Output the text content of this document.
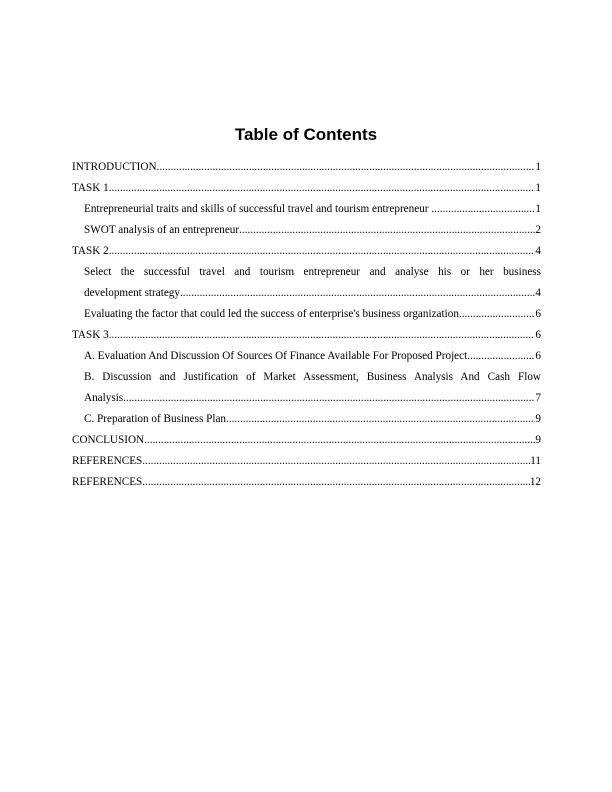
Table of Contents
INTRODUCTION .....	1
TASK 1 .....	1
Entrepreneurial traits and skills of successful travel and tourism entrepreneur .....	1
SWOT analysis of an entrepreneur .....	2
TASK 2 .....	4
Select the successful travel and tourism entrepreneur and analyse his or her business
development strategy .....	4
Evaluating the factor that could led the success of enterprise's business organization .....	6
TASK 3 .....	6
A. Evaluation And Discussion Of Sources Of Finance Available For Proposed Project .....	6
B. Discussion and Justification of Market Assessment, Business Analysis And Cash Flow
Analysis .....	7
C. Preparation of Business Plan .....	9
CONCLUSION .....	9
REFERENCES .....	11
REFERENCES .....	12
